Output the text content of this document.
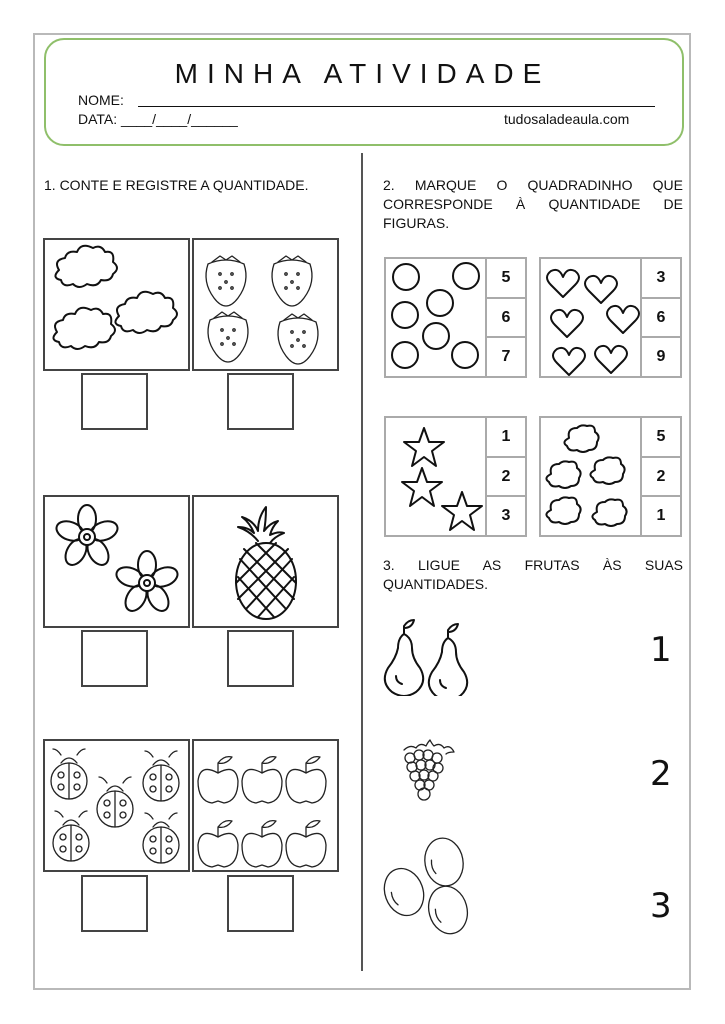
MINHA ATIVIDADE
NOME:
DATA: ____/____/______	tudosaladeaula.com
1. CONTE E REGISTRE A QUANTIDADE.	2. MARQUE O QUADRADINHO QUE CORRESPONDE À QUANTIDADE DE FIGURAS.
5
6
7
3
6
9
1
2
3
5
2
1
3. LIGUE AS FRUTAS ÀS SUAS QUANTIDADES.
1
2
3
